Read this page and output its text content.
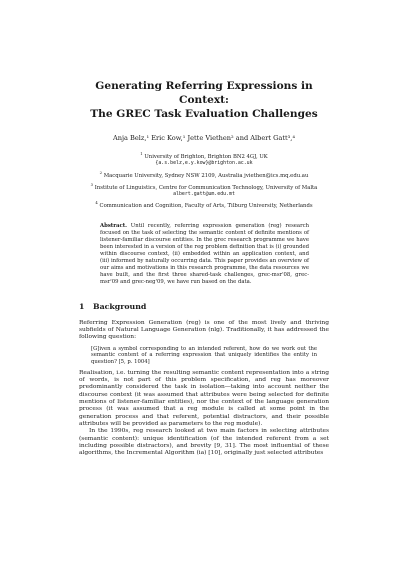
Generating Referring Expressions in Context:
The GREC Task Evaluation Challenges
Anja Belz,¹ Eric Kow,¹ Jette Viethen² and Albert Gatt³,⁴
$^1$ University of Brighton, Brighton BN2 4GJ, UK
{a.s.belz,e.y.kow}@brighton.ac.uk
$^2$ Macquarie University, Sydney NSW 2109, Australia jviethen@ics.mq.edu.au
$^3$ Institute of Linguistics, Centre for Communication Technology, University of Malta
albert.gatt@um.edu.mt
$^4$ Communication and Cognition, Faculty of Arts, Tilburg University, Netherlands
Abstract. Until recently, referring expression generation (reg) research focused on the task of selecting the semantic content of definite mentions of listener-familiar discourse entities. In the grec research programme we have been interested in a version of the reg problem definition that is (i) grounded within discourse context, (ii) embedded within an application context, and (iii) informed by naturally occurring data. This paper provides an overview of our aims and motivations in this research programme, the data resources we have built, and the first three shared-task challenges, grec-msr'08, grec-msr'09 and grec-neg'09, we have run based on the data.
1 Background

Referring Expression Generation (reg) is one of the most lively and thriving subfields of Natural Language Generation (nlg). Traditionally, it has addressed the following question:

[G]iven a symbol corresponding to an intended referent, how do we work out the semantic content of a referring expression that uniquely identifies the entity in question? [5, p. 1004]

Realisation, i.e. turning the resulting semantic content representation into a string of words, is not part of this problem specification, and reg has moreover predominantly considered the task in isolation—taking into account neither the discourse context (it was assumed that attributes were being selected for definite mentions of listener-familiar entities), nor the context of the language generation process (it was assumed that a reg module is called at some point in the generation process and that referent, potential distractors, and their possible attributes will be provided as parameters to the reg module).

In the 1990s, reg research looked at two main factors in selecting attributes (semantic content): unique identification (of the intended referent from a set including possible distractors), and brevity [9, 31]. The most influential of these algorithms, the Incremental Algorithm (ia) [10], originally just selected attributes
